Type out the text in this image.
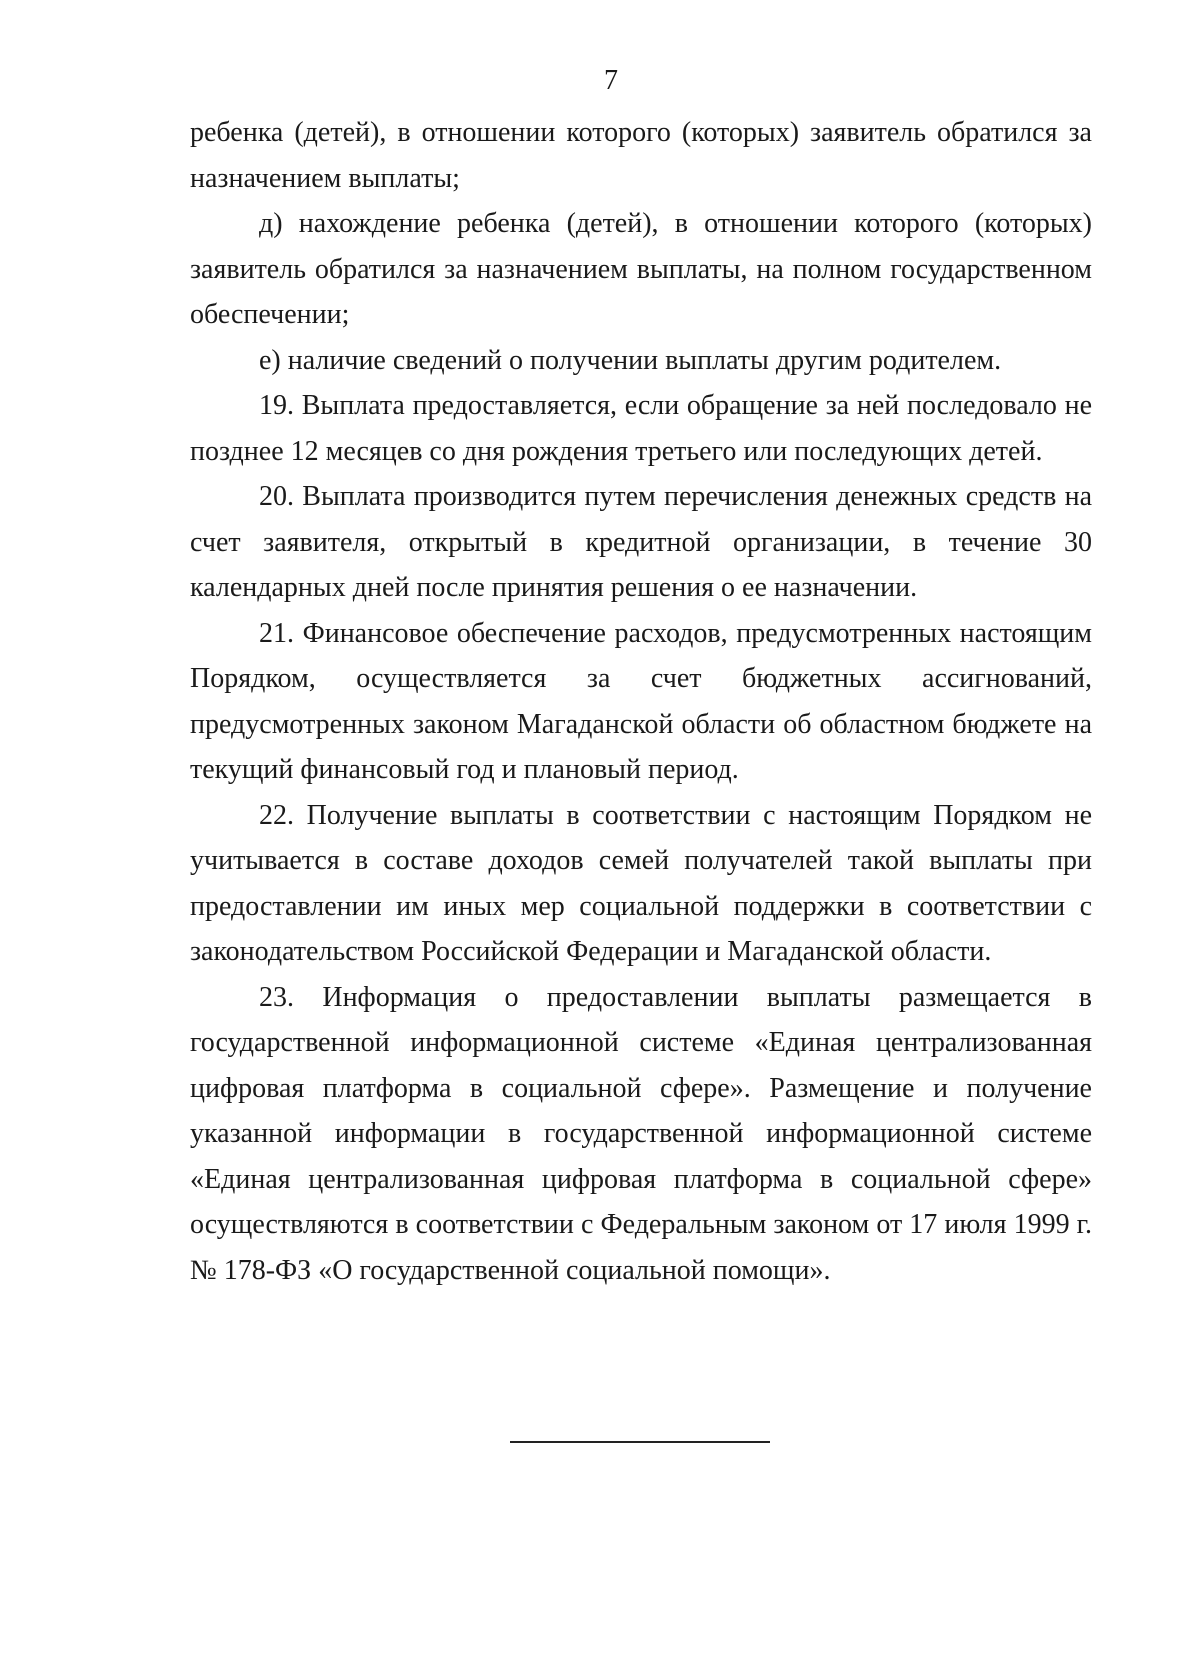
7

ребенка (детей), в отношении которого (которых) заявитель обратился за назначением выплаты;

д) нахождение ребенка (детей), в отношении которого (которых) заявитель обратился за назначением выплаты, на полном государственном обеспечении;

е) наличие сведений о получении выплаты другим родителем.

19. Выплата предоставляется, если обращение за ней последовало не позднее 12 месяцев со дня рождения третьего или последующих детей.

20. Выплата производится путем перечисления денежных средств на счет заявителя, открытый в кредитной организации, в течение 30 календарных дней после принятия решения о ее назначении.

21. Финансовое обеспечение расходов, предусмотренных настоящим Порядком, осуществляется за счет бюджетных ассигнований, предусмотренных законом Магаданской области об областном бюджете на текущий финансовый год и плановый период.

22. Получение выплаты в соответствии с настоящим Порядком не учитывается в составе доходов семей получателей такой выплаты при предоставлении им иных мер социальной поддержки в соответствии с законодательством Российской Федерации и Магаданской области.

23. Информация о предоставлении выплаты размещается в государственной информационной системе «Единая централизованная цифровая платформа в социальной сфере». Размещение и получение указанной информации в государственной информационной системе «Единая централизованная цифровая платформа в социальной сфере» осуществляются в соответствии с Федеральным законом от 17 июля 1999 г. № 178-ФЗ «О государственной социальной помощи».
